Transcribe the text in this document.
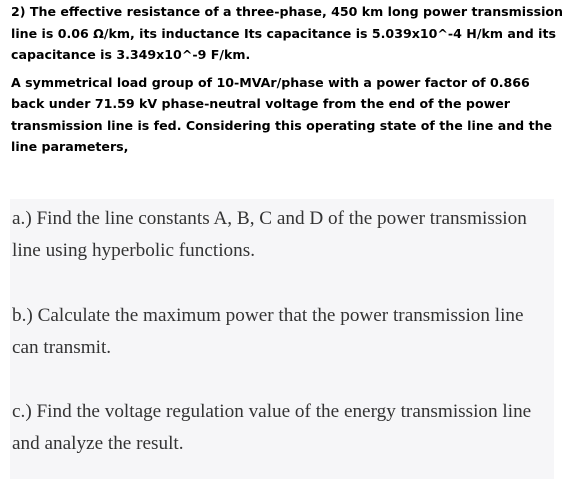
2) The effective resistance of a three-phase, 450 km long power transmission line is 0.06 Ω/km, its inductance Its capacitance is 5.039x10^-4 H/km and its capacitance is 3.349x10^-9 F/km.

A symmetrical load group of 10-MVAr/phase with a power factor of 0.866 back under 71.59 kV phase-neutral voltage from the end of the power transmission line is fed. Considering this operating state of the line and the line parameters,

a.) Find the line constants A, B, C and D of the power transmission line using hyperbolic functions.

b.) Calculate the maximum power that the power transmission line can transmit.

c.) Find the voltage regulation value of the energy transmission line and analyze the result.
